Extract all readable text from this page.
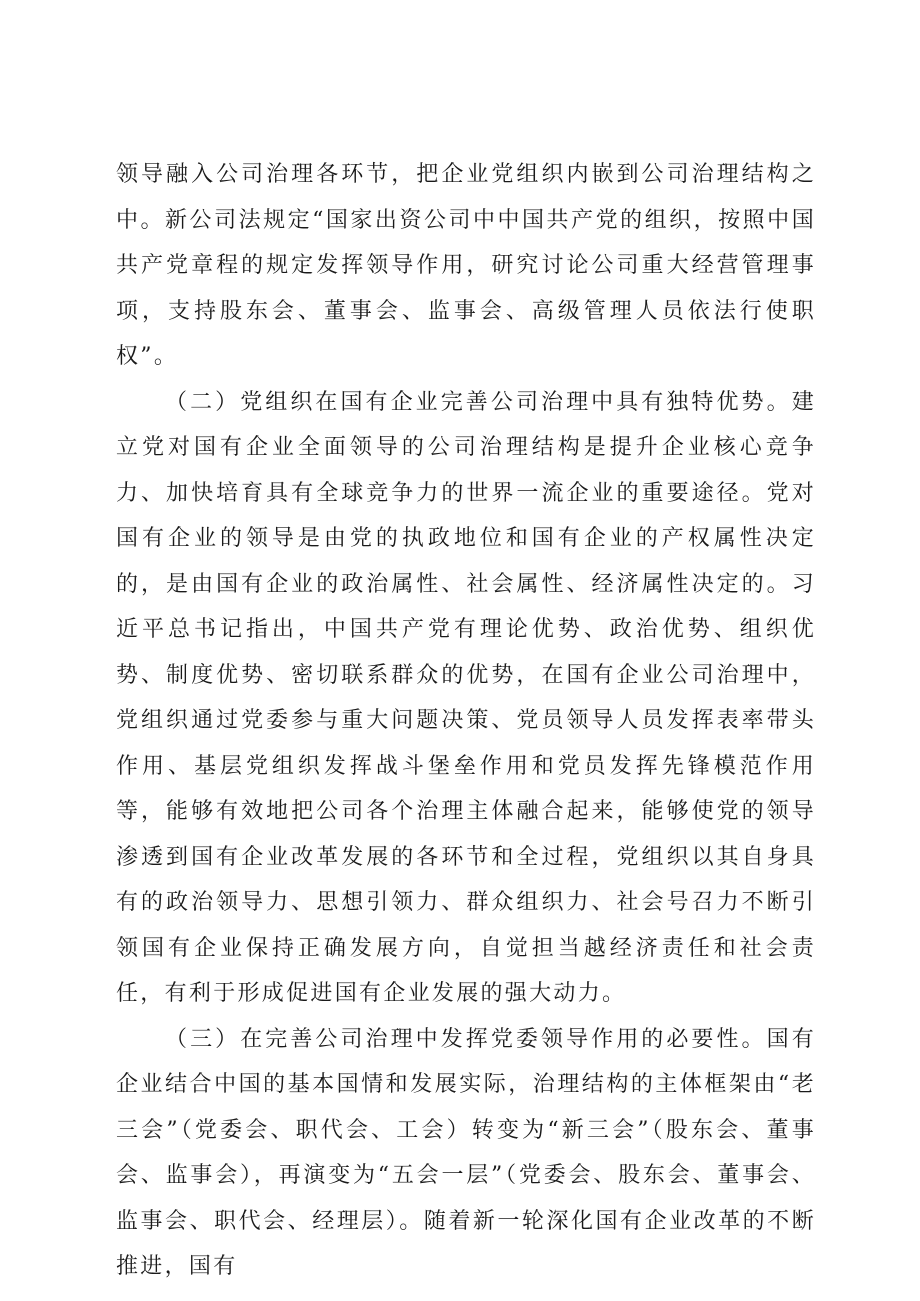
领导融入公司治理各环节，把企业党组织内嵌到公司治理结构之中。新公司法规定“国家出资公司中中国共产党的组织，按照中国共产党章程的规定发挥领导作用，研究讨论公司重大经营管理事项，支持股东会、董事会、监事会、高级管理人员依法行使职权”。

（二）党组织在国有企业完善公司治理中具有独特优势。建立党对国有企业全面领导的公司治理结构是提升企业核心竞争力、加快培育具有全球竞争力的世界一流企业的重要途径。党对国有企业的领导是由党的执政地位和国有企业的产权属性决定的，是由国有企业的政治属性、社会属性、经济属性决定的。习近平总书记指出，中国共产党有理论优势、政治优势、组织优势、制度优势、密切联系群众的优势，在国有企业公司治理中，党组织通过党委参与重大问题决策、党员领导人员发挥表率带头作用、基层党组织发挥战斗堡垒作用和党员发挥先锋模范作用等，能够有效地把公司各个治理主体融合起来，能够使党的领导渗透到国有企业改革发展的各环节和全过程，党组织以其自身具有的政治领导力、思想引领力、群众组织力、社会号召力不断引领国有企业保持正确发展方向，自觉担当越经济责任和社会责任，有利于形成促进国有企业发展的强大动力。

（三）在完善公司治理中发挥党委领导作用的必要性。国有企业结合中国的基本国情和发展实际，治理结构的主体框架由“老三会”（党委会、职代会、工会）转变为“新三会”（股东会、董事会、监事会），再演变为“五会一层”（党委会、股东会、董事会、监事会、职代会、经理层）。随着新一轮深化国有企业改革的不断推进，国有
